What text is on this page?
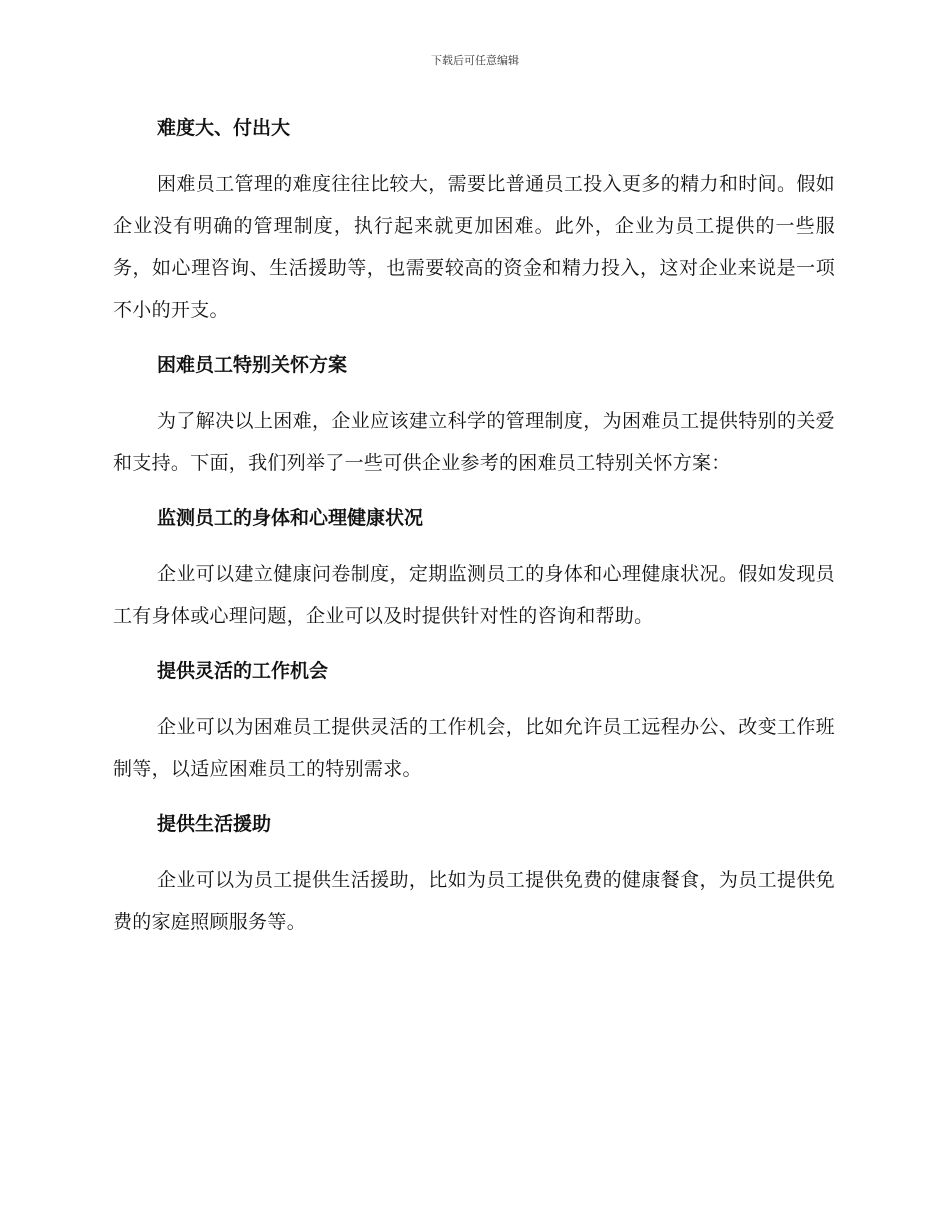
下载后可任意编辑
难度大、付出大

困难员工管理的难度往往比较大，需要比普通员工投入更多的精力和时间。假如企业没有明确的管理制度，执行起来就更加困难。此外，企业为员工提供的一些服务，如心理咨询、生活援助等，也需要较高的资金和精力投入，这对企业来说是一项不小的开支。

困难员工特别关怀方案

为了解决以上困难，企业应该建立科学的管理制度，为困难员工提供特别的关爱和支持。下面，我们列举了一些可供企业参考的困难员工特别关怀方案：

监测员工的身体和心理健康状况

企业可以建立健康问卷制度，定期监测员工的身体和心理健康状况。假如发现员工有身体或心理问题，企业可以及时提供针对性的咨询和帮助。

提供灵活的工作机会

企业可以为困难员工提供灵活的工作机会，比如允许员工远程办公、改变工作班制等，以适应困难员工的特别需求。

提供生活援助

企业可以为员工提供生活援助，比如为员工提供免费的健康餐食，为员工提供免费的家庭照顾服务等。
